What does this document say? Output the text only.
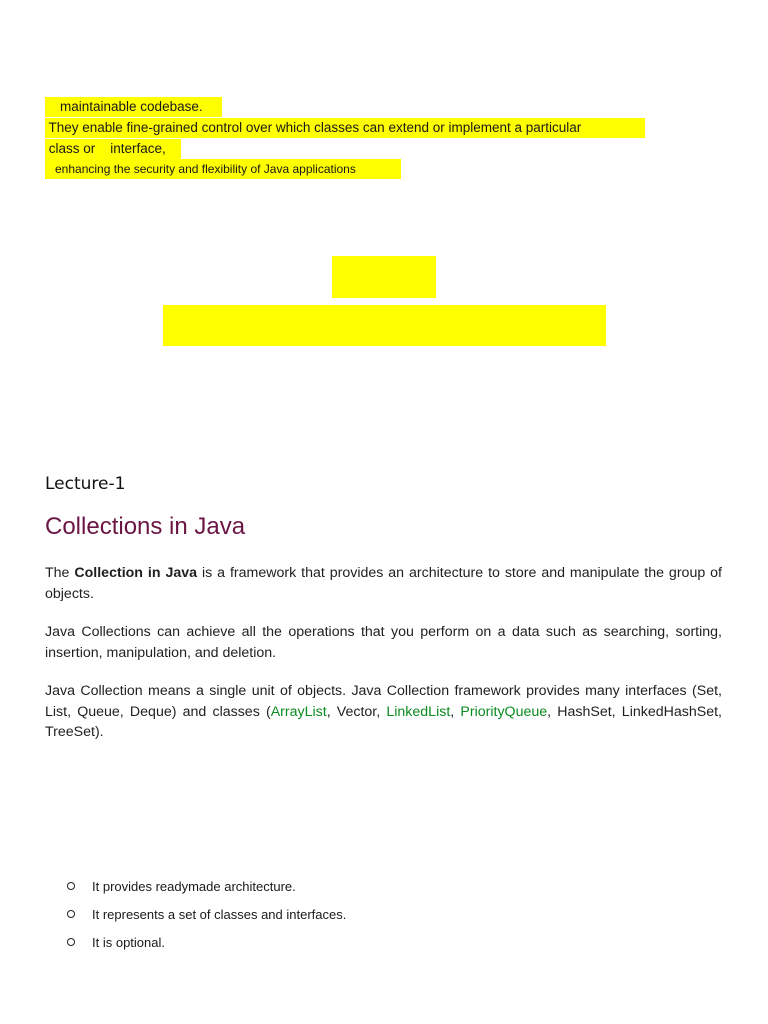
maintainable codebase.
They enable fine-grained control over which classes can extend or implement a particular
class or    interface,
enhancing the security and flexibility of Java applications
Lecture-1
Collections in Java
The Collection in Java is a framework that provides an architecture to store and manipulate the group of objects.
Java Collections can achieve all the operations that you perform on a data such as searching, sorting, insertion, manipulation, and deletion.
Java Collection means a single unit of objects. Java Collection framework provides many interfaces (Set, List, Queue, Deque) and classes (ArrayList, Vector, LinkedList, PriorityQueue, HashSet, LinkedHashSet, TreeSet).
It provides readymade architecture.
It represents a set of classes and interfaces.
It is optional.
